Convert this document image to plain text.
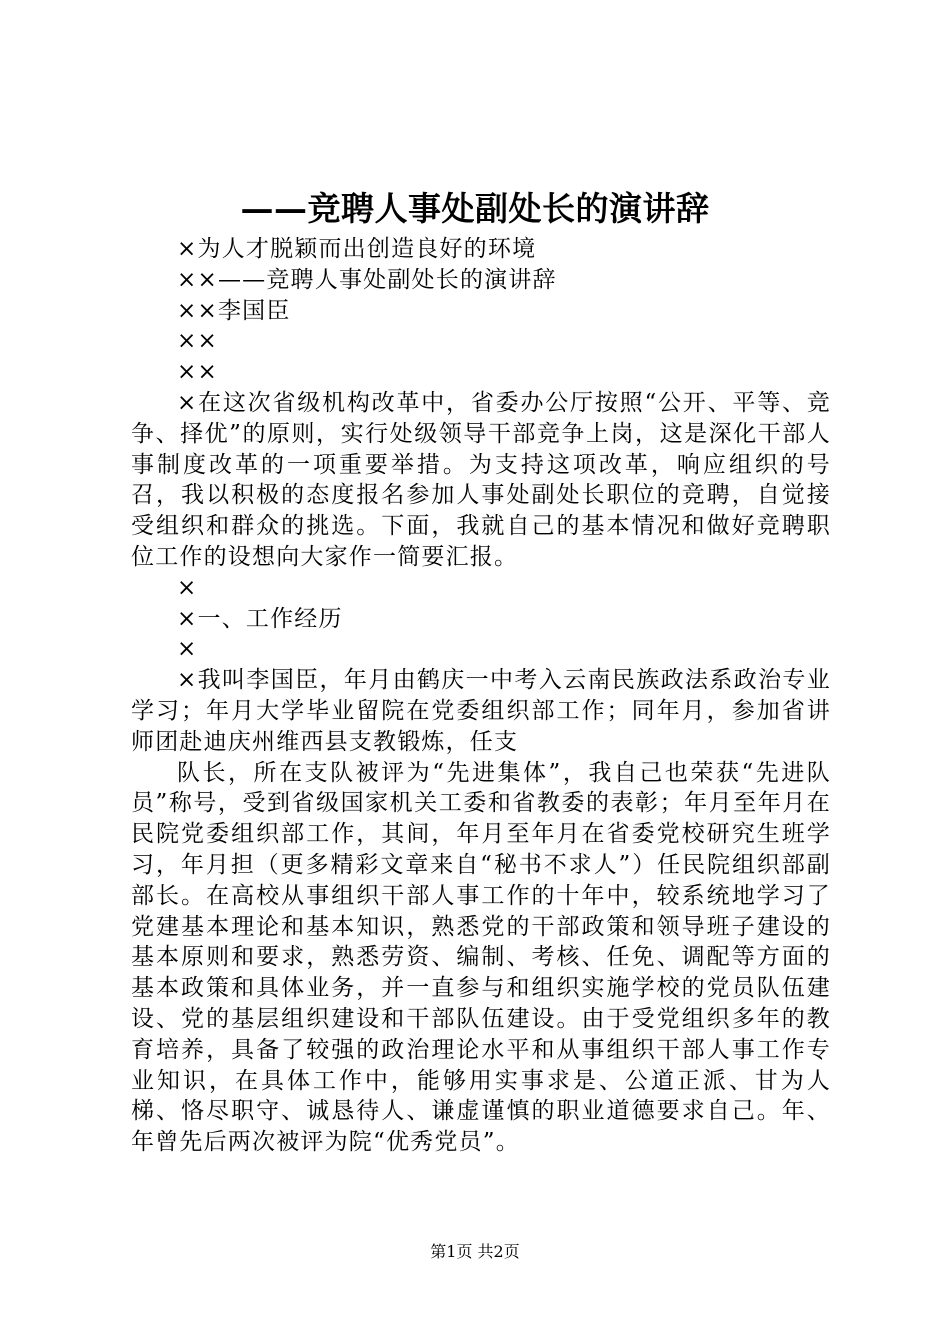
——竞聘人事处副处长的演讲辞

×为人才脱颖而出创造良好的环境

××——竞聘人事处副处长的演讲辞

××李国臣

××

××

×在这次省级机构改革中，省委办公厅按照“公开、平等、竞争、择优”的原则，实行处级领导干部竞争上岗，这是深化干部人事制度改革的一项重要举措。为支持这项改革，响应组织的号召，我以积极的态度报名参加人事处副处长职位的竞聘，自觉接受组织和群众的挑选。下面，我就自己的基本情况和做好竞聘职位工作的设想向大家作一简要汇报。

×

×一、工作经历

×

×我叫李国臣，年月由鹤庆一中考入云南民族政法系政治专业学习；年月大学毕业留院在党委组织部工作；同年月，参加省讲师团赴迪庆州维西县支教锻炼，任支

队长，所在支队被评为“先进集体”，我自己也荣获“先进队员”称号，受到省级国家机关工委和省教委的表彰；年月至年月在民院党委组织部工作，其间，年月至年月在省委党校研究生班学习，年月担（更多精彩文章来自“秘书不求人”）任民院组织部副部长。在高校从事组织干部人事工作的十年中，较系统地学习了党建基本理论和基本知识，熟悉党的干部政策和领导班子建设的基本原则和要求，熟悉劳资、编制、考核、任免、调配等方面的基本政策和具体业务，并一直参与和组织实施学校的党员队伍建设、党的基层组织建设和干部队伍建设。由于受党组织多年的教育培养，具备了较强的政治理论水平和从事组织干部人事工作专业知识，在具体工作中，能够用实事求是、公道正派、甘为人梯、恪尽职守、诚恳待人、谦虚谨慎的职业道德要求自己。年、年曾先后两次被评为院“优秀党员”。

第1页 共2页
